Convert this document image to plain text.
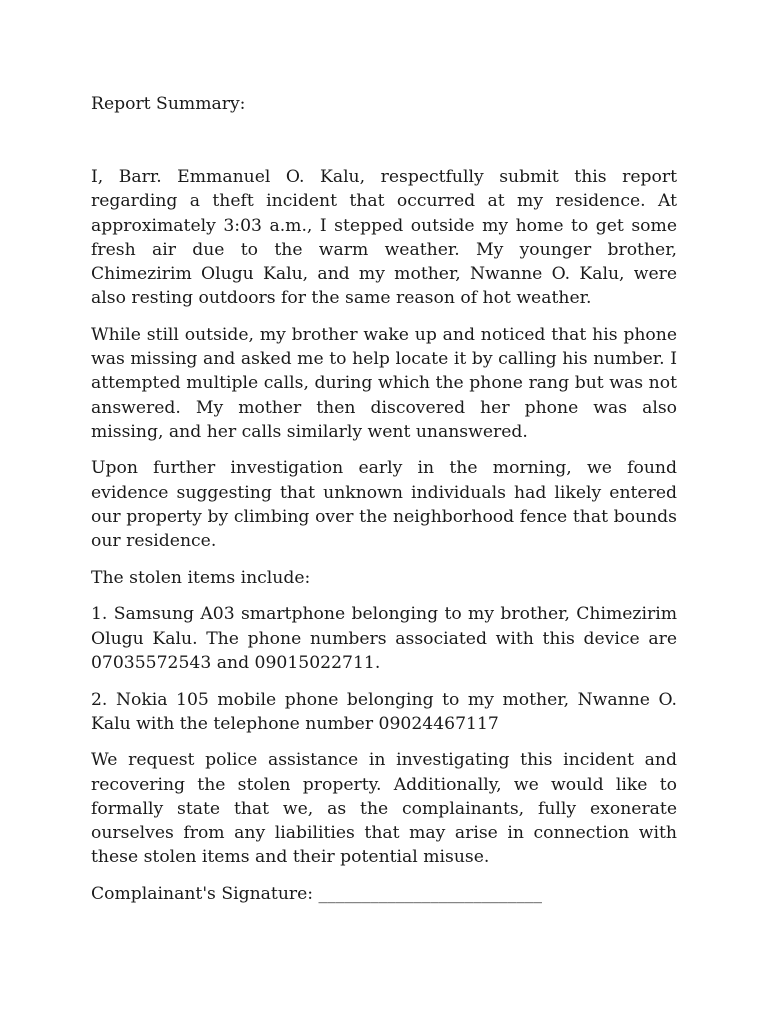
Report Summary:

I, Barr. Emmanuel O. Kalu, respectfully submit this report regarding a theft incident that occurred at my residence. At approximately 3:03 a.m., I stepped outside my home to get some fresh air due to the warm weather. My younger brother, Chimezirim Olugu Kalu, and my mother, Nwanne O. Kalu, were also resting outdoors for the same reason of hot weather.

While still outside, my brother wake up and noticed that his phone was missing and asked me to help locate it by calling his number. I attempted multiple calls, during which the phone rang but was not answered. My mother then discovered her phone was also missing, and her calls similarly went unanswered.

Upon further investigation early in the morning, we found evidence suggesting that unknown individuals had likely entered our property by climbing over the neighborhood fence that bounds our residence.

The stolen items include:

1. Samsung A03 smartphone belonging to my brother, Chimezirim Olugu Kalu. The phone numbers associated with this device are 07035572543 and 09015022711.

2. Nokia 105 mobile phone belonging to my mother, Nwanne O. Kalu with the telephone number 09024467117

We request police assistance in investigating this incident and recovering the stolen property. Additionally, we would like to formally state that we, as the complainants, fully exonerate ourselves from any liabilities that may arise in connection with these stolen items and their potential misuse.

Complainant's Signature: __________________________
